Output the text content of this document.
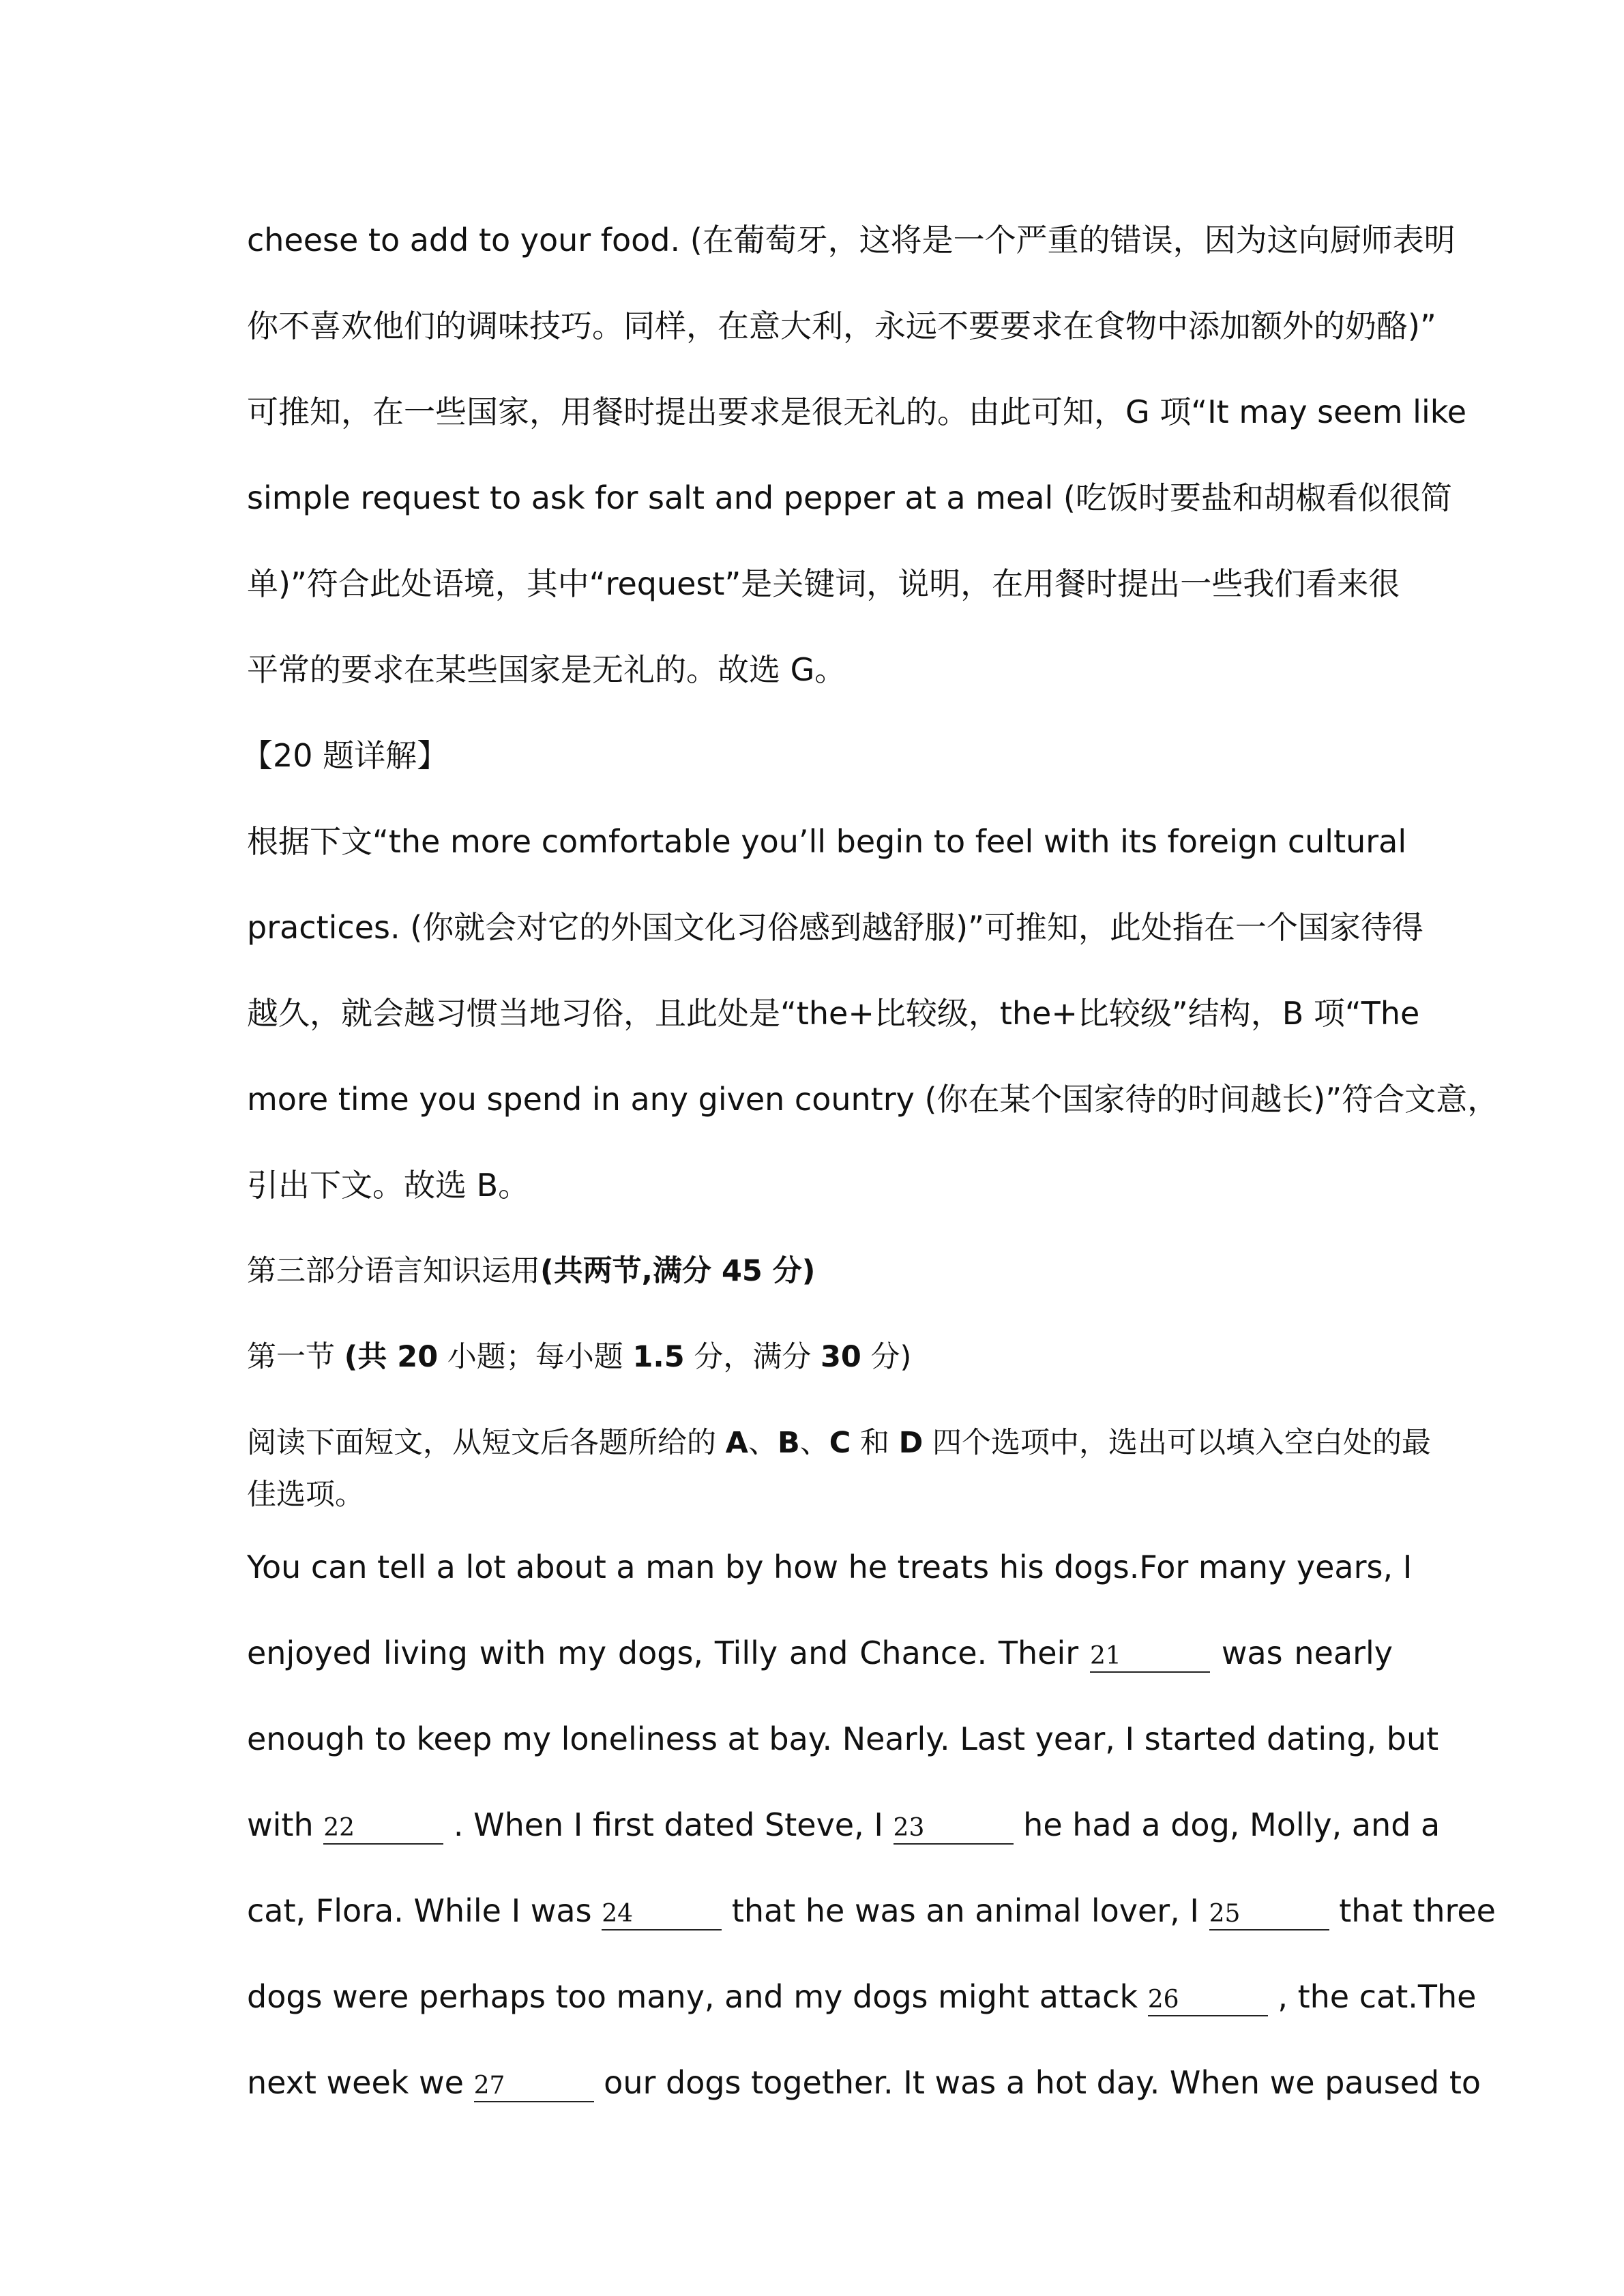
cheese to add to your food. (在葡萄牙，这将是一个严重的错误，因为这向厨师表明
你不喜欢他们的调味技巧。同样，在意大利，永远不要要求在食物中添加额外的奶酪)”
可推知，在一些国家，用餐时提出要求是很无礼的。由此可知，G 项“It may seem like
simple request to ask for salt and pepper at a meal (吃饭时要盐和胡椒看似很简
单)”符合此处语境，其中“request”是关键词，说明，在用餐时提出一些我们看来很
平常的要求在某些国家是无礼的。故选 G。
【20 题详解】
根据下文“the more comfortable you’ll begin to feel with its foreign cultural
practices. (你就会对它的外国文化习俗感到越舒服)”可推知，此处指在一个国家待得
越久，就会越习惯当地习俗，且此处是“the+比较级，the+比较级”结构，B 项“The
more time you spend in any given country (你在某个国家待的时间越长)”符合文意，
引出下文。故选 B。
第三部分语言知识运用(共两节,满分 45 分)
第一节 (共 20 小题；每小题 1.5 分，满分 30 分)
阅读下面短文，从短文后各题所给的 A、B、C 和 D 四个选项中，选出可以填入空白处的最
佳选项。
You can tell a lot about a man by how he treats his dogs.For many years, I
enjoyed living with my dogs, Tilly and Chance. Their 21	was nearly
enough to keep my loneliness at bay. Nearly. Last year, I started dating, but
with 22	. When I first dated Steve, I 23	he had a dog, Molly, and a
cat, Flora. While I was 24	that he was an animal lover, I 25	that three
dogs were perhaps too many, and my dogs might attack 26	, the cat.The
next week we 27	our dogs together. It was a hot day. When we paused to
